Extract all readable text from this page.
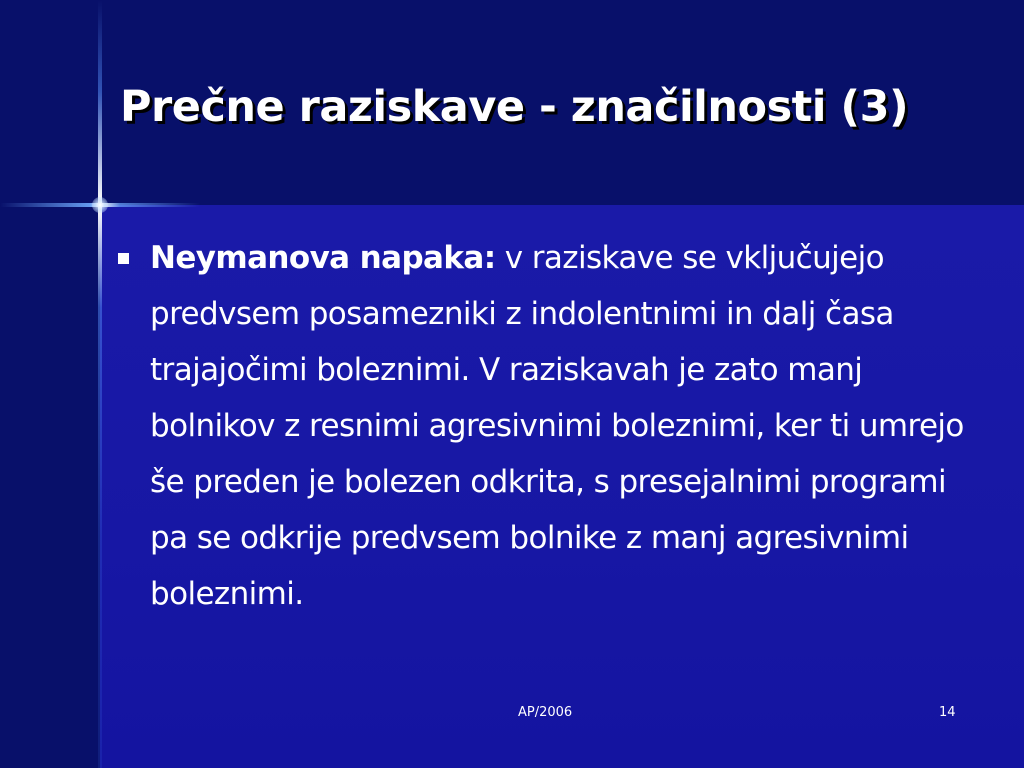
Prečne raziskave - značilnosti (3)
Neymanova napaka: v raziskave se vključujejo predvsem posamezniki z indolentnimi in dalj časa trajajočimi boleznimi. V raziskavah je zato manj bolnikov z resnimi agresivnimi boleznimi, ker ti umrejo še preden je bolezen odkrita, s presejalnimi programi pa se odkrije predvsem bolnike z manj agresivnimi boleznimi.
AP/2006	14
